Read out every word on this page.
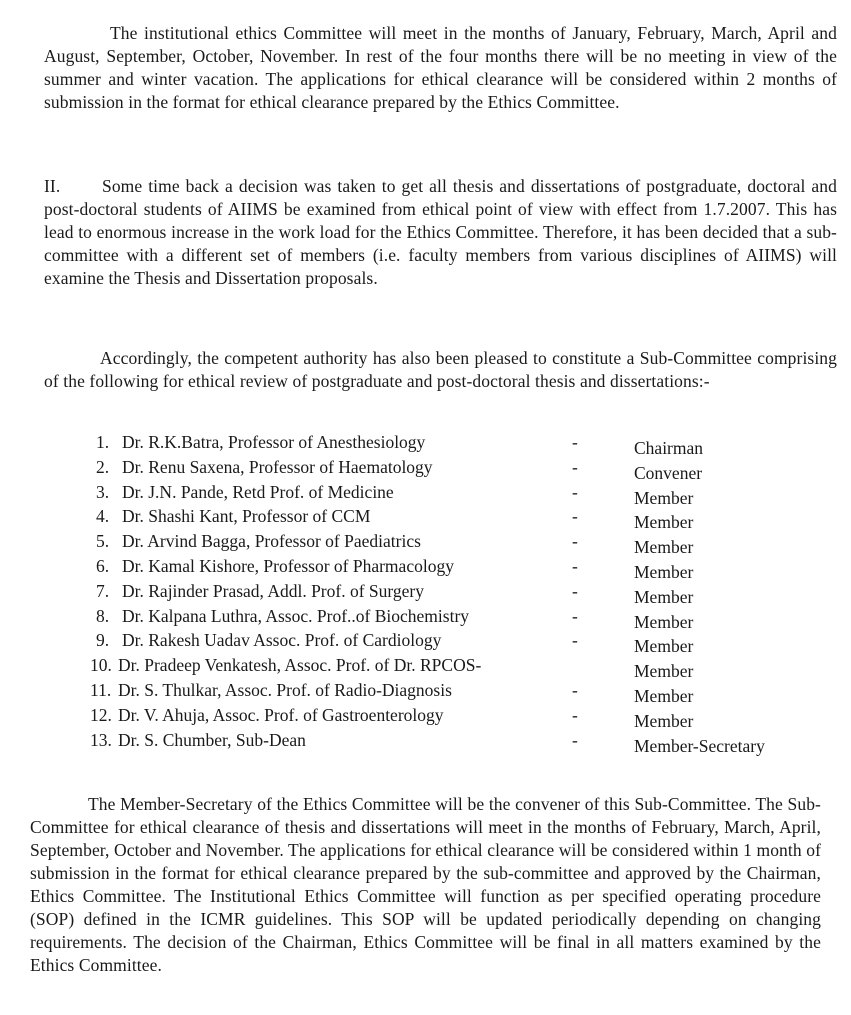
The institutional ethics Committee will meet in the months of January, February, March, April and August, September, October, November. In rest of the four months there will be no meeting in view of the summer and winter vacation. The applications for ethical clearance will be considered within 2 months of submission in the format for ethical clearance prepared by the Ethics Committee.

II. Some time back a decision was taken to get all thesis and dissertations of postgraduate, doctoral and post-doctoral students of AIIMS be examined from ethical point of view with effect from 1.7.2007. This has lead to enormous increase in the work load for the Ethics Committee. Therefore, it has been decided that a sub-committee with a different set of members (i.e. faculty members from various disciplines of AIIMS) will examine the Thesis and Dissertation proposals.

Accordingly, the competent authority has also been pleased to constitute a Sub-Committee comprising of the following for ethical review of postgraduate and post-doctoral thesis and dissertations:-

1. Dr. R.K.Batra, Professor of Anesthesiology	-	Chairman
2. Dr. Renu Saxena, Professor of Haematology	-	Convener
3. Dr. J.N. Pande, Retd Prof. of Medicine	-	Member
4. Dr. Shashi Kant, Professor of CCM	-	Member
5. Dr. Arvind Bagga, Professor of Paediatrics	-	Member
6. Dr. Kamal Kishore, Professor of Pharmacology	-	Member
7. Dr. Rajinder Prasad, Addl. Prof. of Surgery	-	Member
8. Dr. Kalpana Luthra, Assoc. Prof..of Biochemistry	-	Member
9. Dr. Rakesh Uadav Assoc. Prof. of Cardiology	-	Member
10. Dr. Pradeep Venkatesh, Assoc. Prof. of Dr. RPCOS-	Member
11. Dr. S. Thulkar, Assoc. Prof. of Radio-Diagnosis	-	Member
12. Dr. V. Ahuja, Assoc. Prof. of Gastroenterology	-	Member
13. Dr. S. Chumber, Sub-Dean	-	Member-Secretary

The Member-Secretary of the Ethics Committee will be the convener of this Sub-Committee. The Sub-Committee for ethical clearance of thesis and dissertations will meet in the months of February, March, April, September, October and November. The applications for ethical clearance will be considered within 1 month of submission in the format for ethical clearance prepared by the sub-committee and approved by the Chairman, Ethics Committee. The Institutional Ethics Committee will function as per specified operating procedure (SOP) defined in the ICMR guidelines. This SOP will be updated periodically depending on changing requirements. The decision of the Chairman, Ethics Committee will be final in all matters examined by the Ethics Committee.
